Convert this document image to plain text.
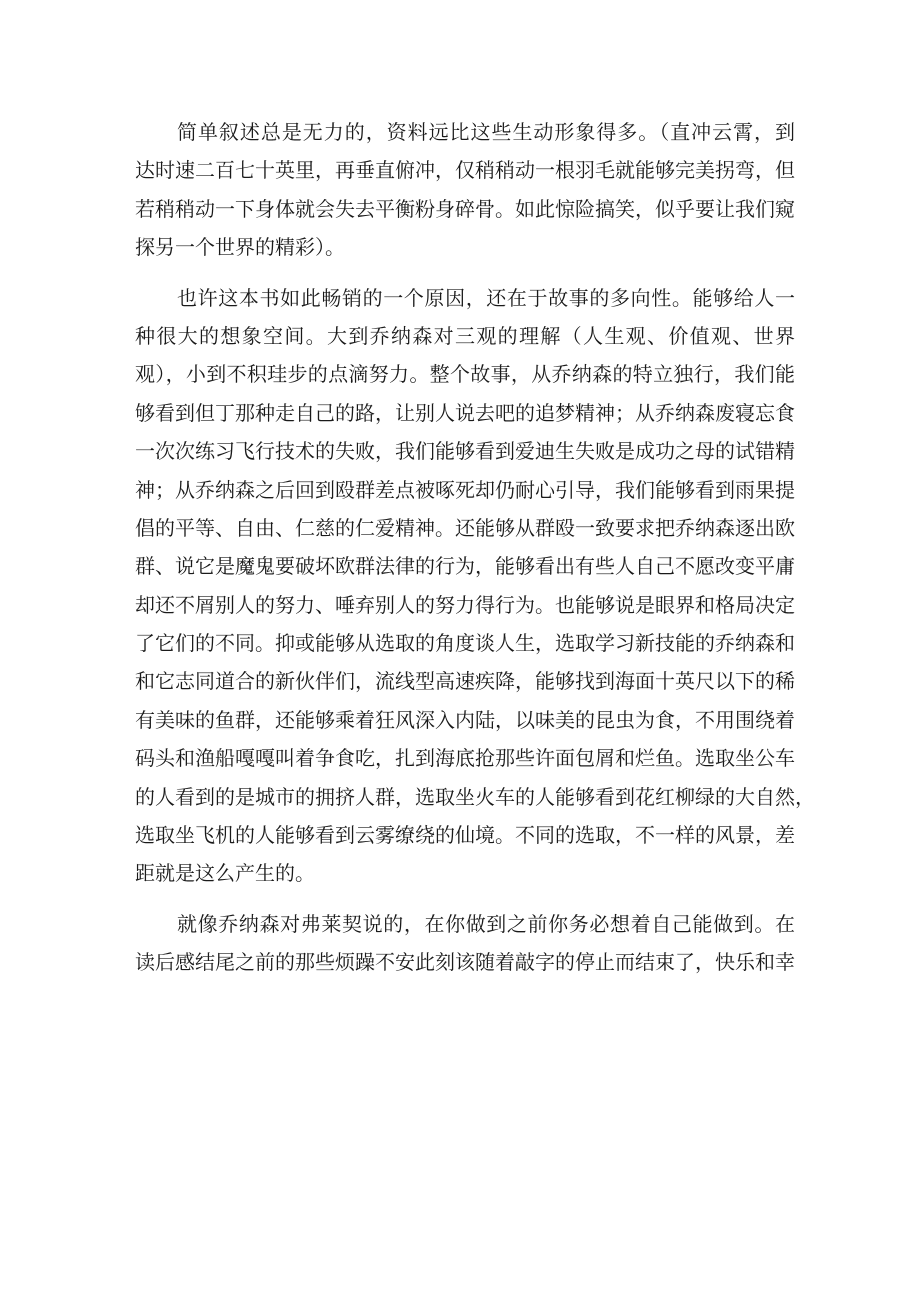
简单叙述总是无力的，资料远比这些生动形象得多。（直冲云霄，到
达时速二百七十英里，再垂直俯冲，仅稍稍动一根羽毛就能够完美拐弯，但
若稍稍动一下身体就会失去平衡粉身碎骨。如此惊险搞笑，似乎要让我们窥
探另一个世界的精彩）。
也许这本书如此畅销的一个原因，还在于故事的多向性。能够给人一
种很大的想象空间。大到乔纳森对三观的理解（人生观、价值观、世界
观），小到不积珪步的点滴努力。整个故事，从乔纳森的特立独行，我们能
够看到但丁那种走自己的路，让别人说去吧的追梦精神；从乔纳森废寝忘食
一次次练习飞行技术的失败，我们能够看到爱迪生失败是成功之母的试错精
神；从乔纳森之后回到殴群差点被啄死却仍耐心引导，我们能够看到雨果提
倡的平等、自由、仁慈的仁爱精神。还能够从群殴一致要求把乔纳森逐出欧
群、说它是魔鬼要破坏欧群法律的行为，能够看出有些人自己不愿改变平庸
却还不屑别人的努力、唾弃别人的努力得行为。也能够说是眼界和格局决定
了它们的不同。抑或能够从选取的角度谈人生，选取学习新技能的乔纳森和
和它志同道合的新伙伴们，流线型高速疾降，能够找到海面十英尺以下的稀
有美味的鱼群，还能够乘着狂风深入内陆，以味美的昆虫为食，不用围绕着
码头和渔船嘎嘎叫着争食吃，扎到海底抢那些许面包屑和烂鱼。选取坐公车
的人看到的是城市的拥挤人群，选取坐火车的人能够看到花红柳绿的大自然，
选取坐飞机的人能够看到云雾缭绕的仙境。不同的选取，不一样的风景，差
距就是这么产生的。
就像乔纳森对弗莱契说的，在你做到之前你务必想着自己能做到。在
读后感结尾之前的那些烦躁不安此刻该随着敲字的停止而结束了，快乐和幸
